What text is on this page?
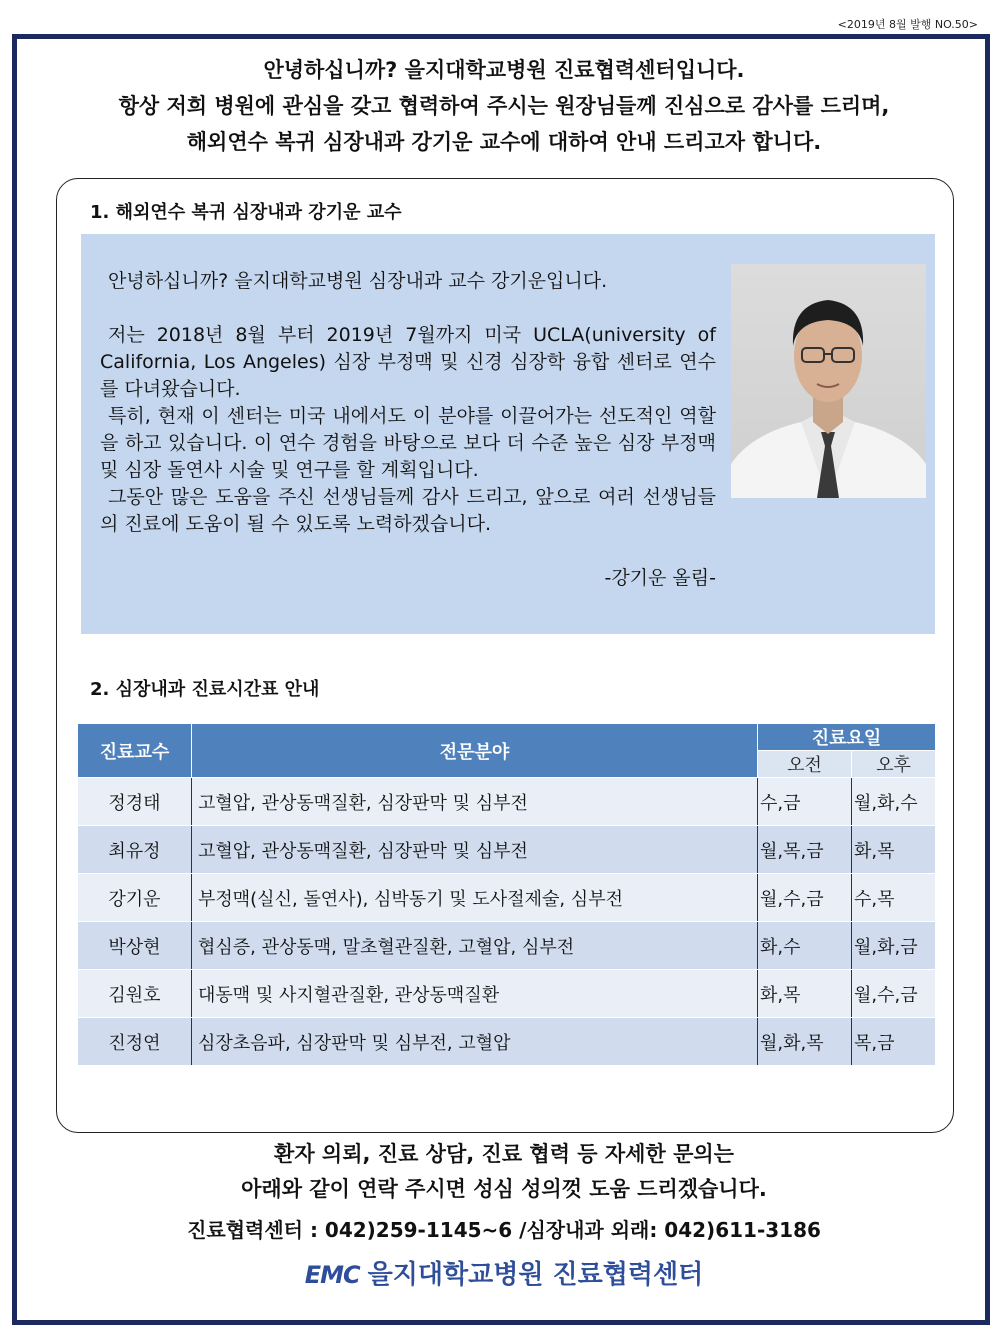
<2019년 8월 발행 NO.50>
안녕하십니까? 을지대학교병원 진료협력센터입니다.
항상 저희 병원에 관심을 갖고 협력하여 주시는 원장님들께 진심으로 감사를 드리며,
해외연수 복귀 심장내과 강기운 교수에 대하여 안내 드리고자 합니다.
1. 해외연수 복귀 심장내과 강기운 교수

안녕하십니까? 을지대학교병원 심장내과 교수 강기운입니다.

저는 2018년 8월 부터 2019년 7월까지 미국 UCLA(university of California, Los Angeles) 심장 부정맥 및 신경 심장학 융합 센터로 연수를 다녀왔습니다.

특히, 현재 이 센터는 미국 내에서도 이 분야를 이끌어가는 선도적인 역할을 하고 있습니다. 이 연수 경험을 바탕으로 보다 더 수준 높은 심장 부정맥 및 심장 돌연사 시술 및 연구를 할 계획입니다.

그동안 많은 도움을 주신 선생님들께 감사 드리고, 앞으로 여러 선생님들의 진료에 도움이 될 수 있도록 노력하겠습니다.

-강기운 올림-

2. 심장내과 진료시간표 안내
진료교수	전문분야	진료요일	
		오전	오후
정경태	고혈압, 관상동맥질환, 심장판막 및 심부전	수,금	월,화,수
최유정	고혈압, 관상동맥질환, 심장판막 및 심부전	월,목,금	화,목
강기운	부정맥(실신, 돌연사), 심박동기 및 도사절제술, 심부전	월,수,금	수,목
박상현	협심증, 관상동맥, 말초혈관질환, 고혈압, 심부전	화,수	월,화,금
김원호	대동맥 및 사지혈관질환, 관상동맥질환	화,목	월,수,금
진정연	심장초음파, 심장판막 및 심부전, 고혈압	월,화,목	목,금
환자 의뢰, 진료 상담, 진료 협력 등 자세한 문의는
아래와 같이 연락 주시면 성심 성의껏 도움 드리겠습니다.
진료협력센터 : 042)259-1145~6 /심장내과 외래: 042)611-3186
EMC 을지대학교병원 진료협력센터
